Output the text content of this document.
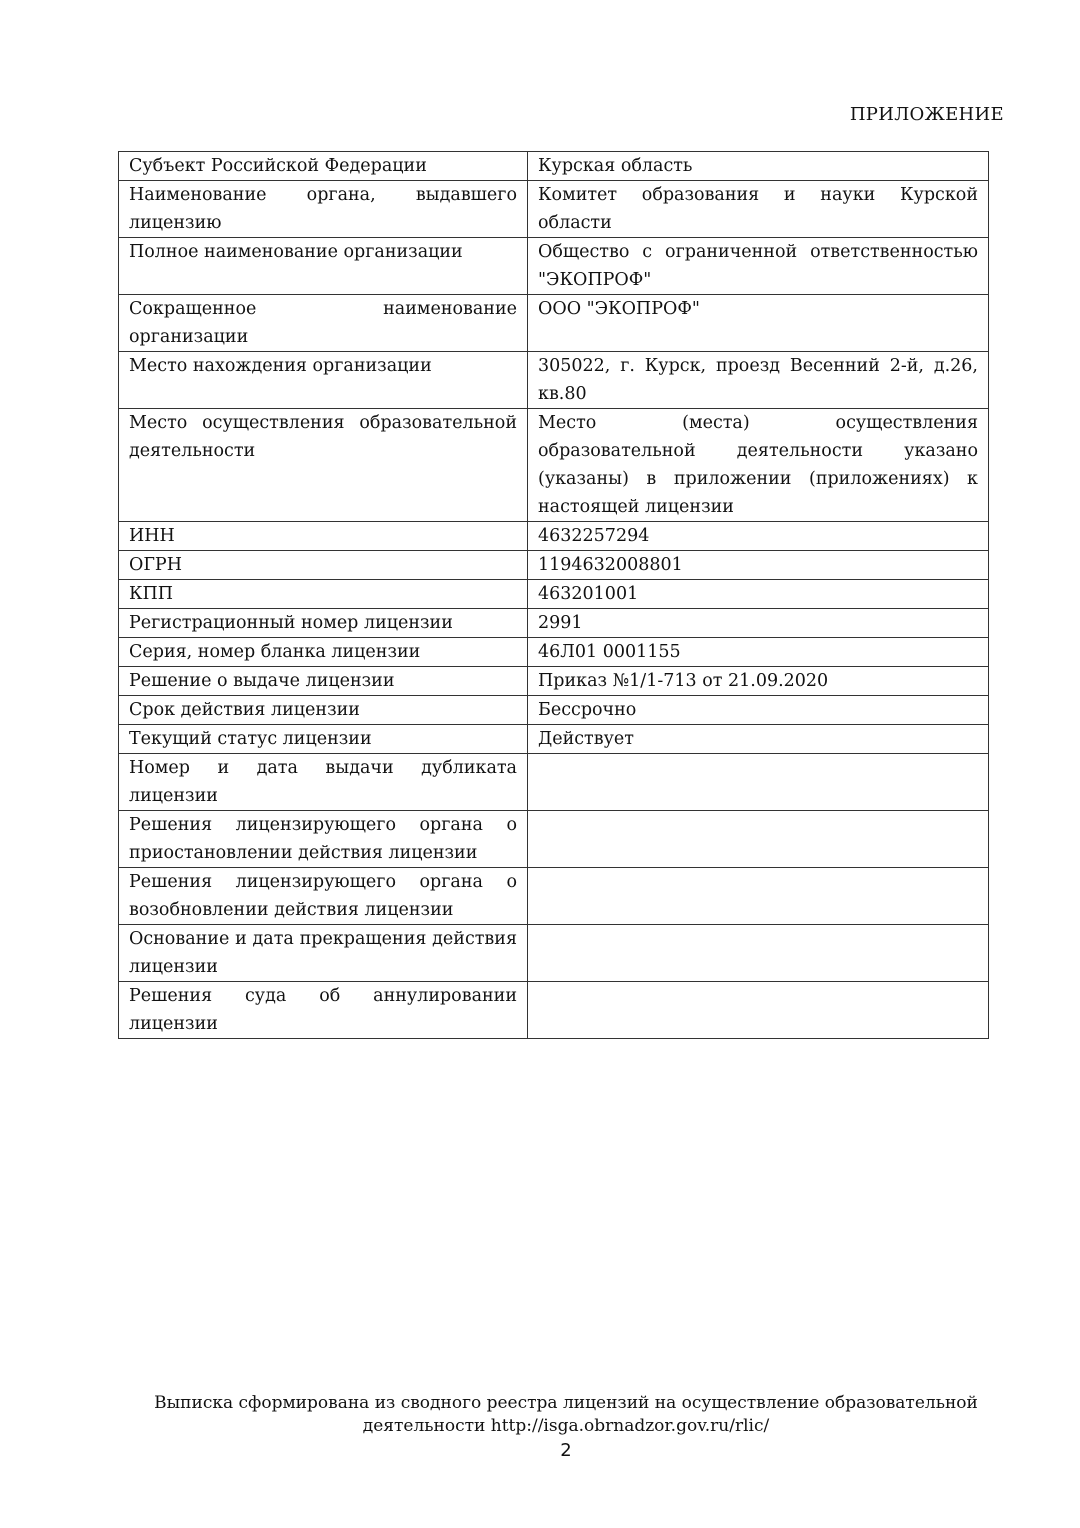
ПРИЛОЖЕНИЕ
Субъект Российской Федерации	Курская область
Наименование органа, выдавшего лицензию	Комитет образования и науки Курской области
Полное наименование организации	Общество с ограниченной ответственностью "ЭКОПРОФ"
Сокращенное наименование организации	ООО "ЭКОПРОФ"
Место нахождения организации	305022, г. Курск, проезд Весенний 2-й, д.26, кв.80
Место осуществления образовательной деятельности	Место (места) осуществления образовательной деятельности указано (указаны) в приложении (приложениях) к настоящей лицензии
ИНН	4632257294
ОГРН	1194632008801
КПП	463201001
Регистрационный номер лицензии	2991
Серия, номер бланка лицензии	46Л01 0001155
Решение о выдаче лицензии	Приказ №1/1-713 от 21.09.2020
Срок действия лицензии	Бессрочно
Текущий статус лицензии	Действует
Номер и дата выдачи дубликата лицензии	
Решения лицензирующего органа о приостановлении действия лицензии	
Решения лицензирующего органа о возобновлении действия лицензии	
Основание и дата прекращения действия лицензии	
Решения суда об аннулировании лицензии	
Выписка сформирована из сводного реестра лицензий на осуществление образовательной деятельности http://isga.obrnadzor.gov.ru/rlic/
2
